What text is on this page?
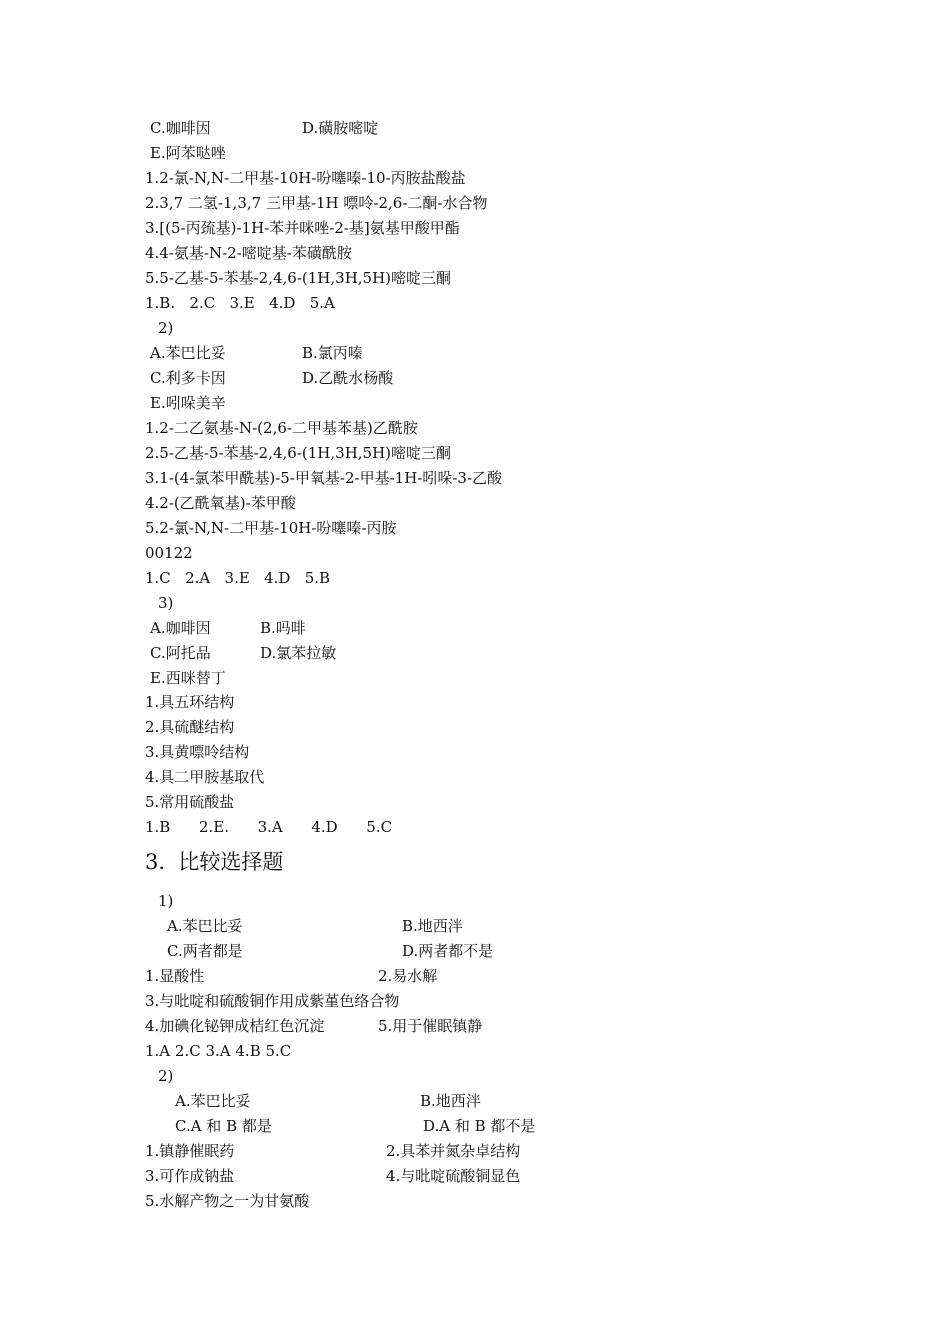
C.咖啡因	D.磺胺嘧啶
E.阿苯哒唑
1.2-氯-N,N-二甲基-10H-吩噻嗪-10-丙胺盐酸盐
2.3,7 二氢-1,3,7 三甲基-1H 嘌呤-2,6-二酮-水合物
3.[(5-丙巯基)-1H-苯并咪唑-2-基]氨基甲酸甲酯
4.4-氨基-N-2-嘧啶基-苯磺酰胺
5.5-乙基-5-苯基-2,4,6-(1H,3H,5H)嘧啶三酮
1.B.   2.C   3.E   4.D   5.A
2)
A.苯巴比妥	B.氯丙嗪
C.利多卡因	D.乙酰水杨酸
E.吲哚美辛
1.2-二乙氨基-N-(2,6-二甲基苯基)乙酰胺
2.5-乙基-5-苯基-2,4,6-(1H,3H,5H)嘧啶三酮
3.1-(4-氯苯甲酰基)-5-甲氧基-2-甲基-1H-吲哚-3-乙酸
4.2-(乙酰氧基)-苯甲酸
5.2-氯-N,N-二甲基-10H-吩噻嗪-丙胺
00122
1.C   2.A   3.E   4.D   5.B
3)
A.咖啡因	B.吗啡
C.阿托品	D.氯苯拉敏
E.西咪替丁
1.具五环结构
2.具硫醚结构
3.具黄嘌呤结构
4.具二甲胺基取代
5.常用硫酸盐
1.B      2.E.      3.A      4.D      5.C
3.  比较选择题
1)
A.苯巴比妥	B.地西泮
C.两者都是	D.两者都不是
1.显酸性	2.易水解
3.与吡啶和硫酸铜作用成紫堇色络合物
4.加碘化铋钾成桔红色沉淀	5.用于催眠镇静
1.A 2.C 3.A 4.B 5.C
2)
A.苯巴比妥	B.地西泮
C.A 和 B 都是	D.A 和 B 都不是
1.镇静催眠药	2.具苯并氮杂卓结构
3.可作成钠盐	4.与吡啶硫酸铜显色
5.水解产物之一为甘氨酸
